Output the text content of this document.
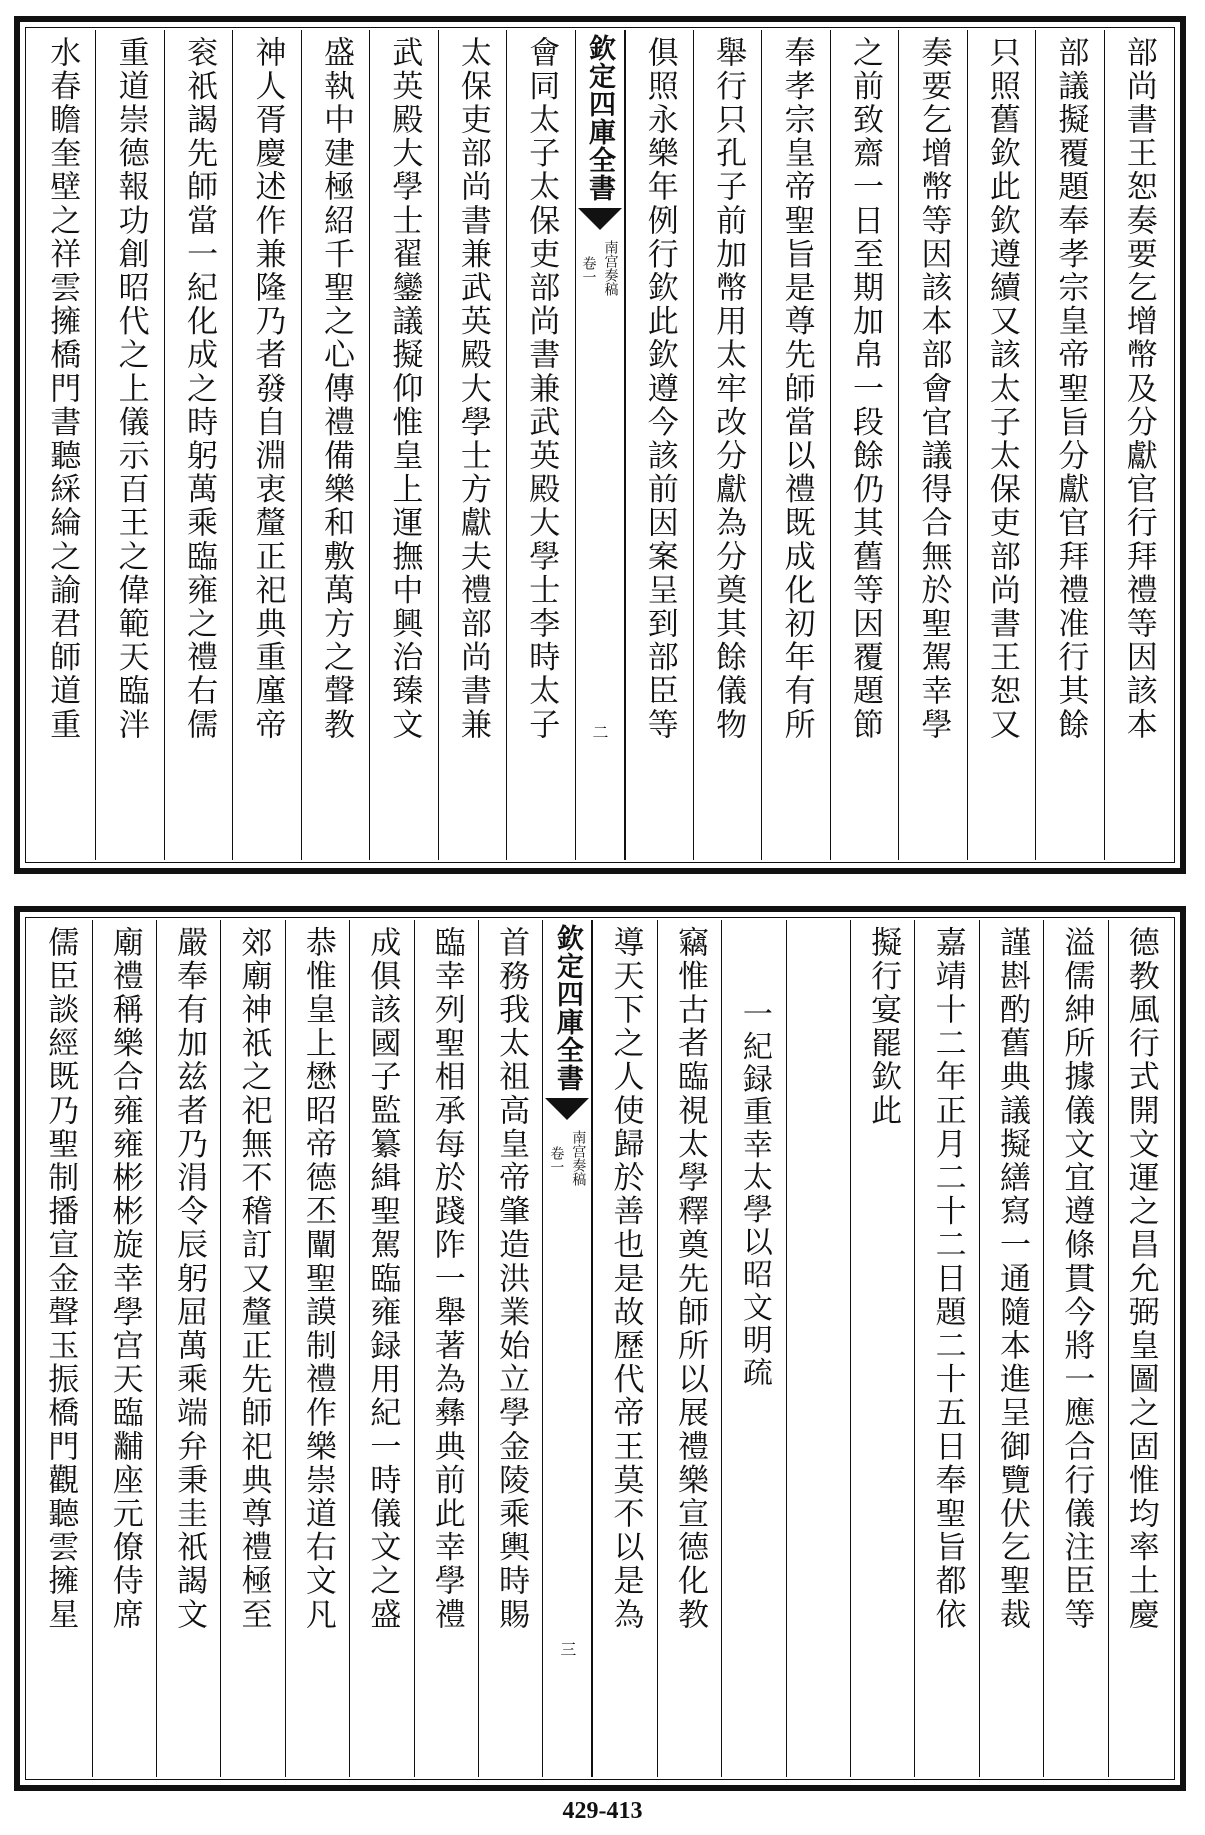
部尚書王恕奏要乞增幣及分獻官行拜禮等因該本
部議擬覆題奉孝宗皇帝聖旨分獻官拜禮准行其餘
只照舊欽此欽遵續又該太子太保吏部尚書王恕又
奏要乞增幣等因該本部會官議得合無於聖駕幸學
之前致齋一日至期加帛一段餘仍其舊等因覆題節
奉孝宗皇帝聖旨是尊先師當以禮既成化初年有所
舉行只孔子前加幣用太牢改分獻為分奠其餘儀物
俱照永樂年例行欽此欽遵今該前因案呈到部臣等
欽定四庫全書
南宫奏稿
卷一
二
會同太子太保吏部尚書兼武英殿大學士李時太子
太保吏部尚書兼武英殿大學士方獻夫禮部尚書兼
武英殿大學士翟鑾議擬仰惟皇上運撫中興治臻文
盛執中建極紹千聖之心傳禮備樂和敷萬方之聲教
神人胥慶述作兼隆乃者發自淵衷釐正祀典重廑帝
衮祇謁先師當一紀化成之時躬萬乘臨雍之禮右儒
重道崇德報功創昭代之上儀示百王之偉範天臨泮
水春瞻奎壁之祥雲擁橋門書聽綵綸之諭君師道重
德教風行式開文運之昌允弼皇圖之固惟均率土慶
溢儒紳所據儀文宜遵條貫今將一應合行儀注臣等
謹斟酌舊典議擬繕寫一通隨本進呈御覽伏乞聖裁
嘉靖十二年正月二十二日題二十五日奉聖旨都依
擬行宴罷欽此
一紀録重幸太學以昭文明疏
竊惟古者臨視太學釋奠先師所以展禮樂宣德化教
導天下之人使歸於善也是故歷代帝王莫不以是為
欽定四庫全書
南宫奏稿
卷一
三
首務我太祖高皇帝肇造洪業始立學金陵乘輿時賜
臨幸列聖相承每於踐阼一舉著為彝典前此幸學禮
成俱該國子監纂緝聖駕臨雍録用紀一時儀文之盛
恭惟皇上懋昭帝德丕闡聖謨制禮作樂崇道右文凡
郊廟神祇之祀無不稽訂又釐正先師祀典尊禮極至
嚴奉有加兹者乃涓令辰躬屈萬乘端弁秉圭祇謁文
廟禮稱樂合雍雍彬彬旋幸學宫天臨黼座元僚侍席
儒臣談經既乃聖制播宣金聲玉振橋門觀聽雲擁星
429-413
